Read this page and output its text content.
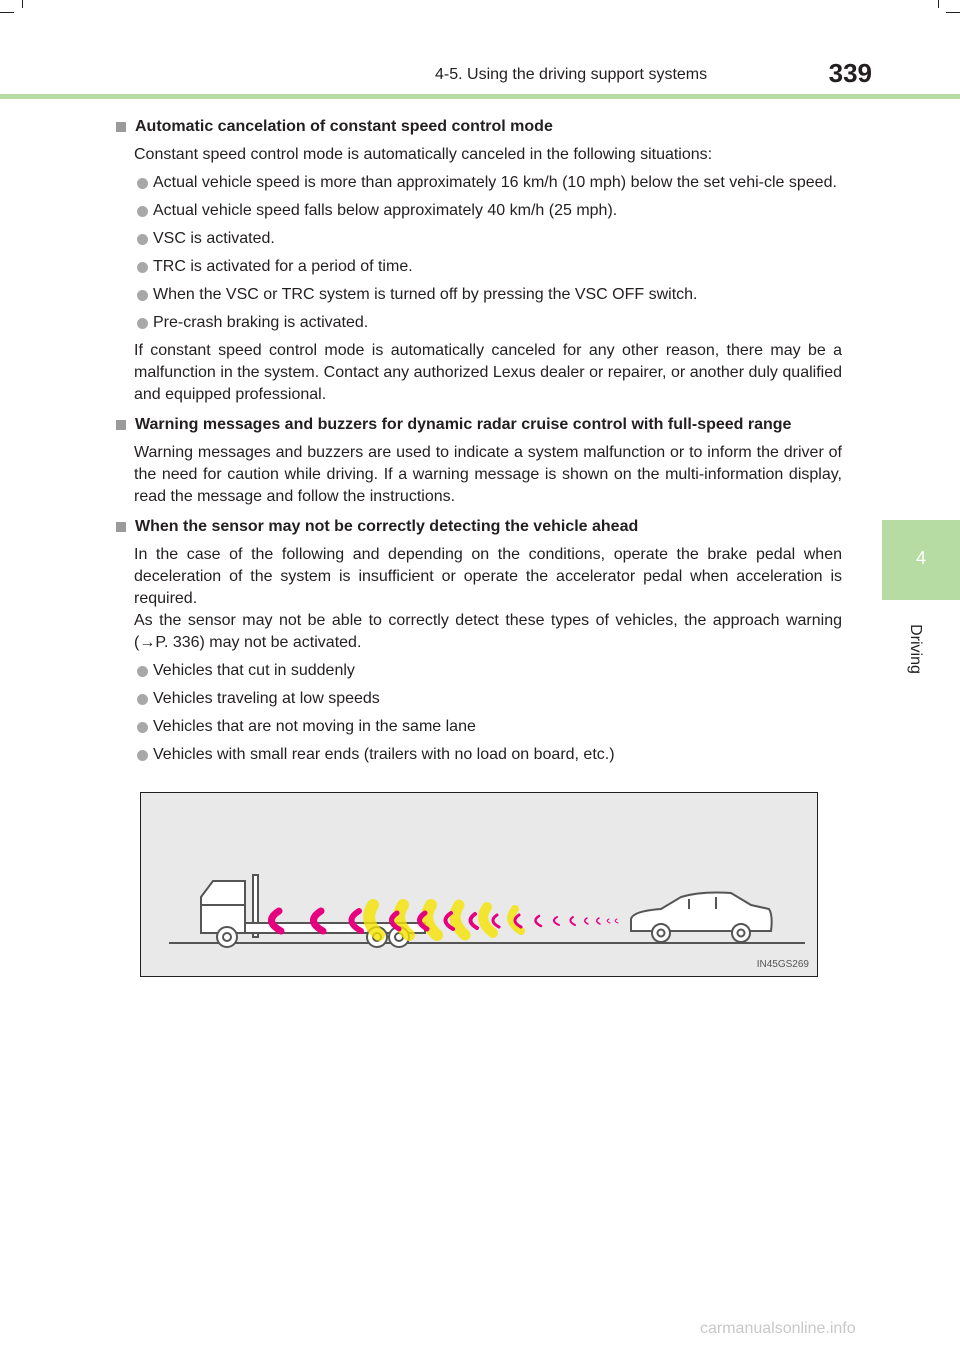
4-5. Using the driving support systems	339
4
Driving
Automatic cancelation of constant speed control mode
Constant speed control mode is automatically canceled in the following situations:
Actual vehicle speed is more than approximately 16 km/h (10 mph) below the set vehi-cle speed.
Actual vehicle speed falls below approximately 40 km/h (25 mph).
VSC is activated.
TRC is activated for a period of time.
When the VSC or TRC system is turned off by pressing the VSC OFF switch.
Pre-crash braking is activated.
If constant speed control mode is automatically canceled for any other reason, there may be a malfunction in the system. Contact any authorized Lexus dealer or repairer, or another duly qualified and equipped professional.
Warning messages and buzzers for dynamic radar cruise control with full-speed range
Warning messages and buzzers are used to indicate a system malfunction or to inform the driver of the need for caution while driving. If a warning message is shown on the multi-information display, read the message and follow the instructions.
When the sensor may not be correctly detecting the vehicle ahead
In the case of the following and depending on the conditions, operate the brake pedal when deceleration of the system is insufficient or operate the accelerator pedal when acceleration is required.
As the sensor may not be able to correctly detect these types of vehicles, the approach warning (→P. 336) may not be activated.
Vehicles that cut in suddenly
Vehicles traveling at low speeds
Vehicles that are not moving in the same lane
Vehicles with small rear ends (trailers with no load on board, etc.)
IN45GS269
carmanualsonline.info
